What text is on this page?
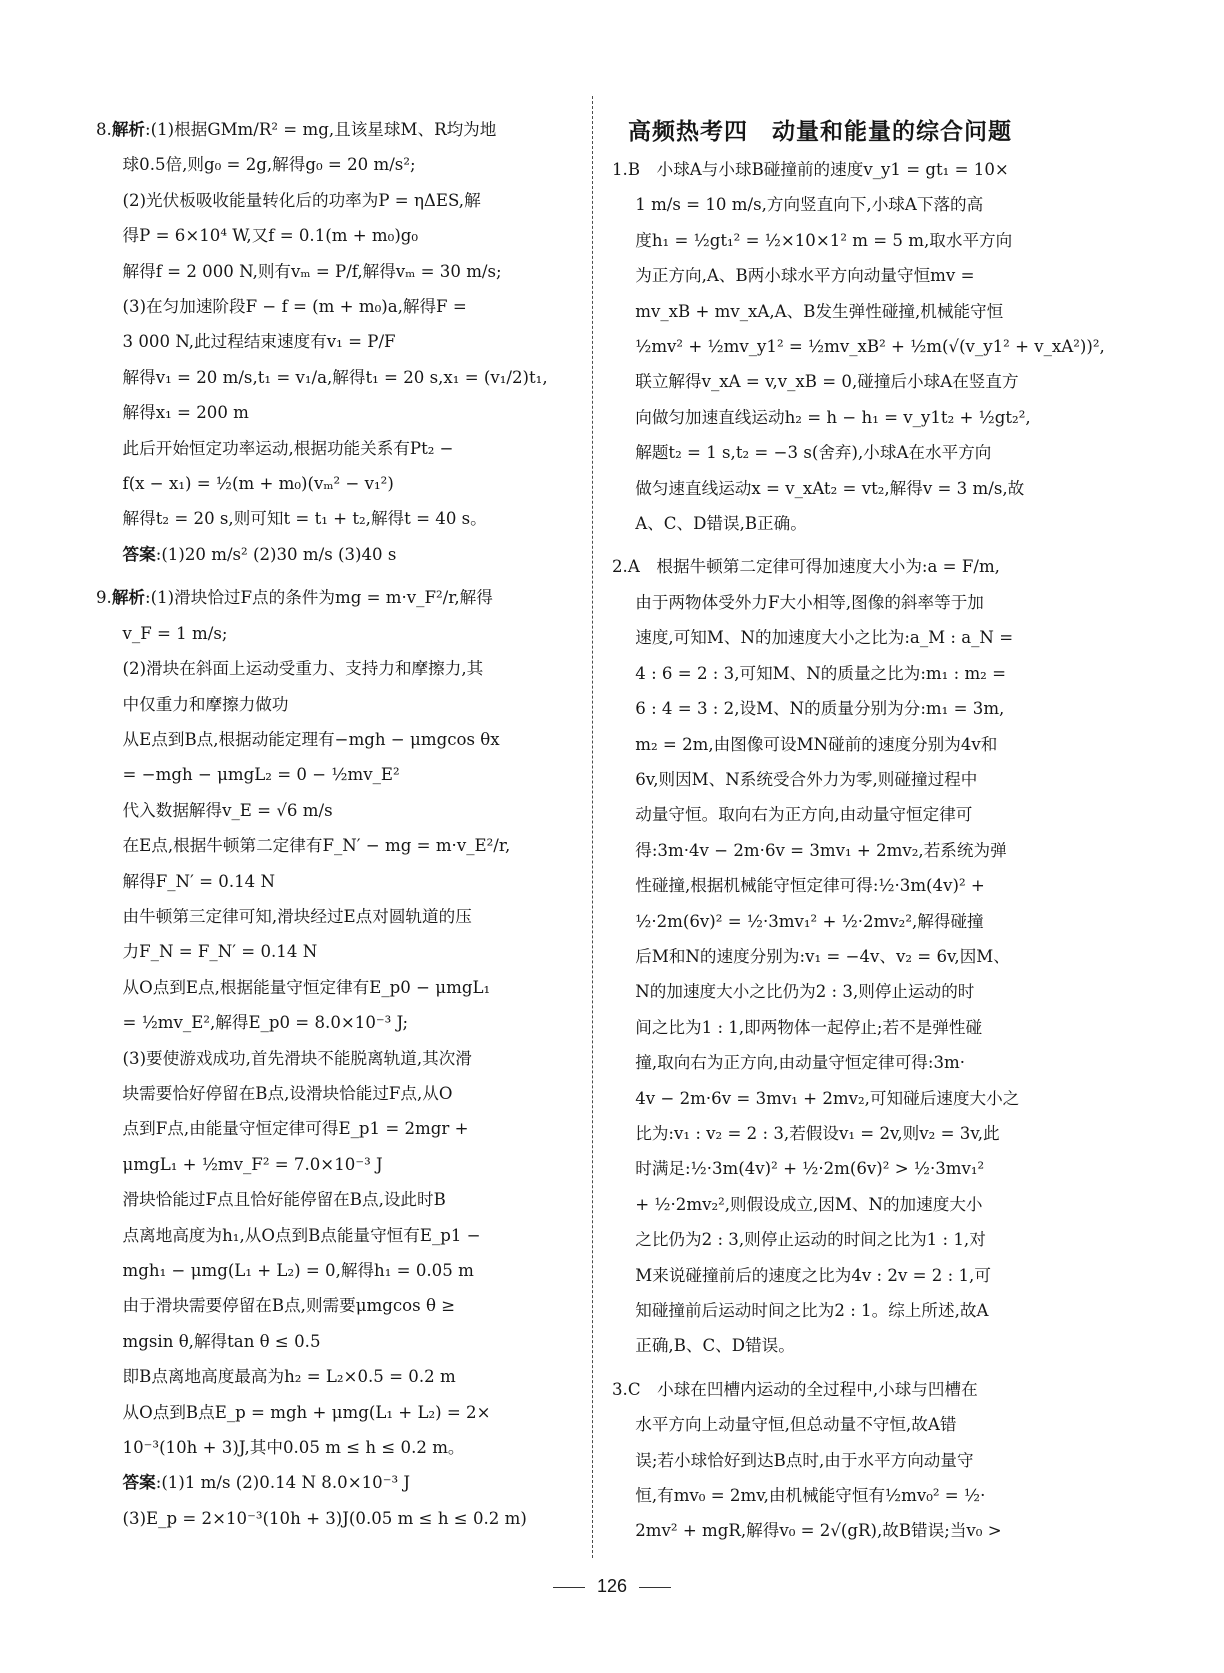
8.解析:(1)根据GMm/R² = mg,且该星球M、R均为地
球0.5倍,则g₀ = 2g,解得g₀ = 20 m/s²;
(2)光伏板吸收能量转化后的功率为P = ηΔES,解
得P = 6×10⁴ W,又f = 0.1(m + m₀)g₀
解得f = 2 000 N,则有vₘ = P/f,解得vₘ = 30 m/s;
(3)在匀加速阶段F − f = (m + m₀)a,解得F =
3 000 N,此过程结束速度有v₁ = P/F
解得v₁ = 20 m/s,t₁ = v₁/a,解得t₁ = 20 s,x₁ = (v₁/2)t₁,
解得x₁ = 200 m
此后开始恒定功率运动,根据功能关系有Pt₂ −
f(x − x₁) = ½(m + m₀)(vₘ² − v₁²)
解得t₂ = 20 s,则可知t = t₁ + t₂,解得t = 40 s。
答案:(1)20 m/s² (2)30 m/s (3)40 s
9.解析:(1)滑块恰过F点的条件为mg = m·v_F²/r,解得
v_F = 1 m/s;
(2)滑块在斜面上运动受重力、支持力和摩擦力,其
中仅重力和摩擦力做功
从E点到B点,根据动能定理有−mgh − μmgcos θx
= −mgh − μmgL₂ = 0 − ½mv_E²
代入数据解得v_E = √6 m/s
在E点,根据牛顿第二定律有F_N′ − mg = m·v_E²/r,
解得F_N′ = 0.14 N
由牛顿第三定律可知,滑块经过E点对圆轨道的压
力F_N = F_N′ = 0.14 N
从O点到E点,根据能量守恒定律有E_p0 − μmgL₁
= ½mv_E²,解得E_p0 = 8.0×10⁻³ J;
(3)要使游戏成功,首先滑块不能脱离轨道,其次滑
块需要恰好停留在B点,设滑块恰能过F点,从O
点到F点,由能量守恒定律可得E_p1 = 2mgr +
μmgL₁ + ½mv_F² = 7.0×10⁻³ J
滑块恰能过F点且恰好能停留在B点,设此时B
点离地高度为h₁,从O点到B点能量守恒有E_p1 −
mgh₁ − μmg(L₁ + L₂) = 0,解得h₁ = 0.05 m
由于滑块需要停留在B点,则需要μmgcos θ ≥
mgsin θ,解得tan θ ≤ 0.5
即B点离地高度最高为h₂ = L₂×0.5 = 0.2 m
从O点到B点E_p = mgh + μmg(L₁ + L₂) = 2×
10⁻³(10h + 3)J,其中0.05 m ≤ h ≤ 0.2 m。
答案:(1)1 m/s (2)0.14 N 8.0×10⁻³ J
(3)E_p = 2×10⁻³(10h + 3)J(0.05 m ≤ h ≤ 0.2 m)
高频热考四　动量和能量的综合问题
1.B　小球A与小球B碰撞前的速度v_y1 = gt₁ = 10×
1 m/s = 10 m/s,方向竖直向下,小球A下落的高
度h₁ = ½gt₁² = ½×10×1² m = 5 m,取水平方向
为正方向,A、B两小球水平方向动量守恒mv =
mv_xB + mv_xA,A、B发生弹性碰撞,机械能守恒
½mv² + ½mv_y1² = ½mv_xB² + ½m(√(v_y1² + v_xA²))²,
联立解得v_xA = v,v_xB = 0,碰撞后小球A在竖直方
向做匀加速直线运动h₂ = h − h₁ = v_y1t₂ + ½gt₂²,
解题t₂ = 1 s,t₂ = −3 s(舍弃),小球A在水平方向
做匀速直线运动x = v_xAt₂ = vt₂,解得v = 3 m/s,故
A、C、D错误,B正确。
2.A　根据牛顿第二定律可得加速度大小为:a = F/m,
由于两物体受外力F大小相等,图像的斜率等于加
速度,可知M、N的加速度大小之比为:a_M : a_N =
4 : 6 = 2 : 3,可知M、N的质量之比为:m₁ : m₂ =
6 : 4 = 3 : 2,设M、N的质量分别为分:m₁ = 3m,
m₂ = 2m,由图像可设MN碰前的速度分别为4v和
6v,则因M、N系统受合外力为零,则碰撞过程中
动量守恒。取向右为正方向,由动量守恒定律可
得:3m·4v − 2m·6v = 3mv₁ + 2mv₂,若系统为弹
性碰撞,根据机械能守恒定律可得:½·3m(4v)² +
½·2m(6v)² = ½·3mv₁² + ½·2mv₂²,解得碰撞
后M和N的速度分别为:v₁ = −4v、v₂ = 6v,因M、
N的加速度大小之比仍为2 : 3,则停止运动的时
间之比为1 : 1,即两物体一起停止;若不是弹性碰
撞,取向右为正方向,由动量守恒定律可得:3m·
4v − 2m·6v = 3mv₁ + 2mv₂,可知碰后速度大小之
比为:v₁ : v₂ = 2 : 3,若假设v₁ = 2v,则v₂ = 3v,此
时满足:½·3m(4v)² + ½·2m(6v)² > ½·3mv₁²
+ ½·2mv₂²,则假设成立,因M、N的加速度大小
之比仍为2 : 3,则停止运动的时间之比为1 : 1,对
M来说碰撞前后的速度之比为4v : 2v = 2 : 1,可
知碰撞前后运动时间之比为2 : 1。综上所述,故A
正确,B、C、D错误。
3.C　小球在凹槽内运动的全过程中,小球与凹槽在
水平方向上动量守恒,但总动量不守恒,故A错
误;若小球恰好到达B点时,由于水平方向动量守
恒,有mv₀ = 2mv,由机械能守恒有½mv₀² = ½·
2mv² + mgR,解得v₀ = 2√(gR),故B错误;当v₀ >
126
